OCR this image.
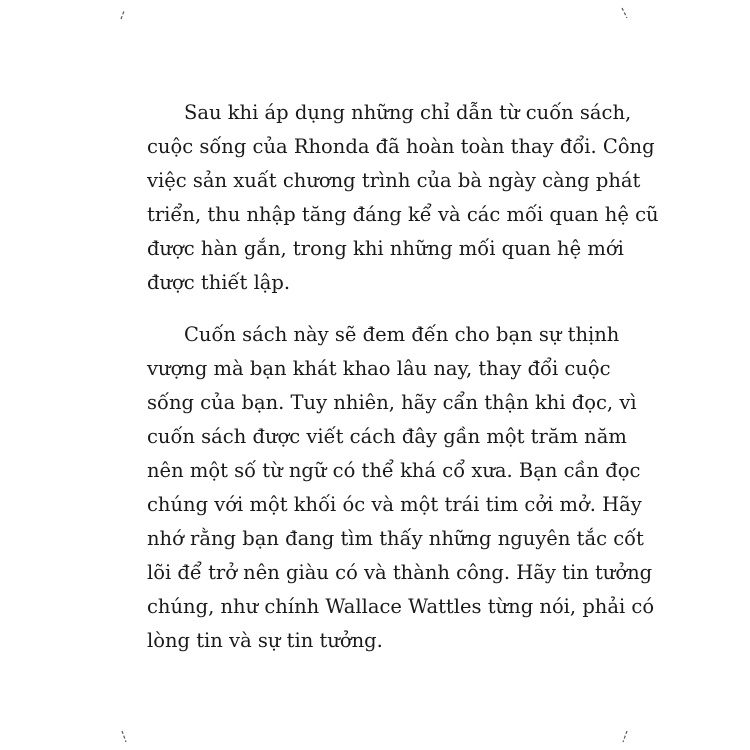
Sau khi áp dụng những chỉ dẫn từ cuốn sách,
cuộc sống của Rhonda đã hoàn toàn thay đổi. Công
việc sản xuất chương trình của bà ngày càng phát
triển, thu nhập tăng đáng kể và các mối quan hệ cũ
được hàn gắn, trong khi những mối quan hệ mới
được thiết lập.

Cuốn sách này sẽ đem đến cho bạn sự thịnh
vượng mà bạn khát khao lâu nay, thay đổi cuộc
sống của bạn. Tuy nhiên, hãy cẩn thận khi đọc, vì
cuốn sách được viết cách đây gần một trăm năm
nên một số từ ngữ có thể khá cổ xưa. Bạn cần đọc
chúng với một khối óc và một trái tim cởi mở. Hãy
nhớ rằng bạn đang tìm thấy những nguyên tắc cốt
lõi để trở nên giàu có và thành công. Hãy tin tưởng
chúng, như chính Wallace Wattles từng nói, phải có
lòng tin và sự tin tưởng.
